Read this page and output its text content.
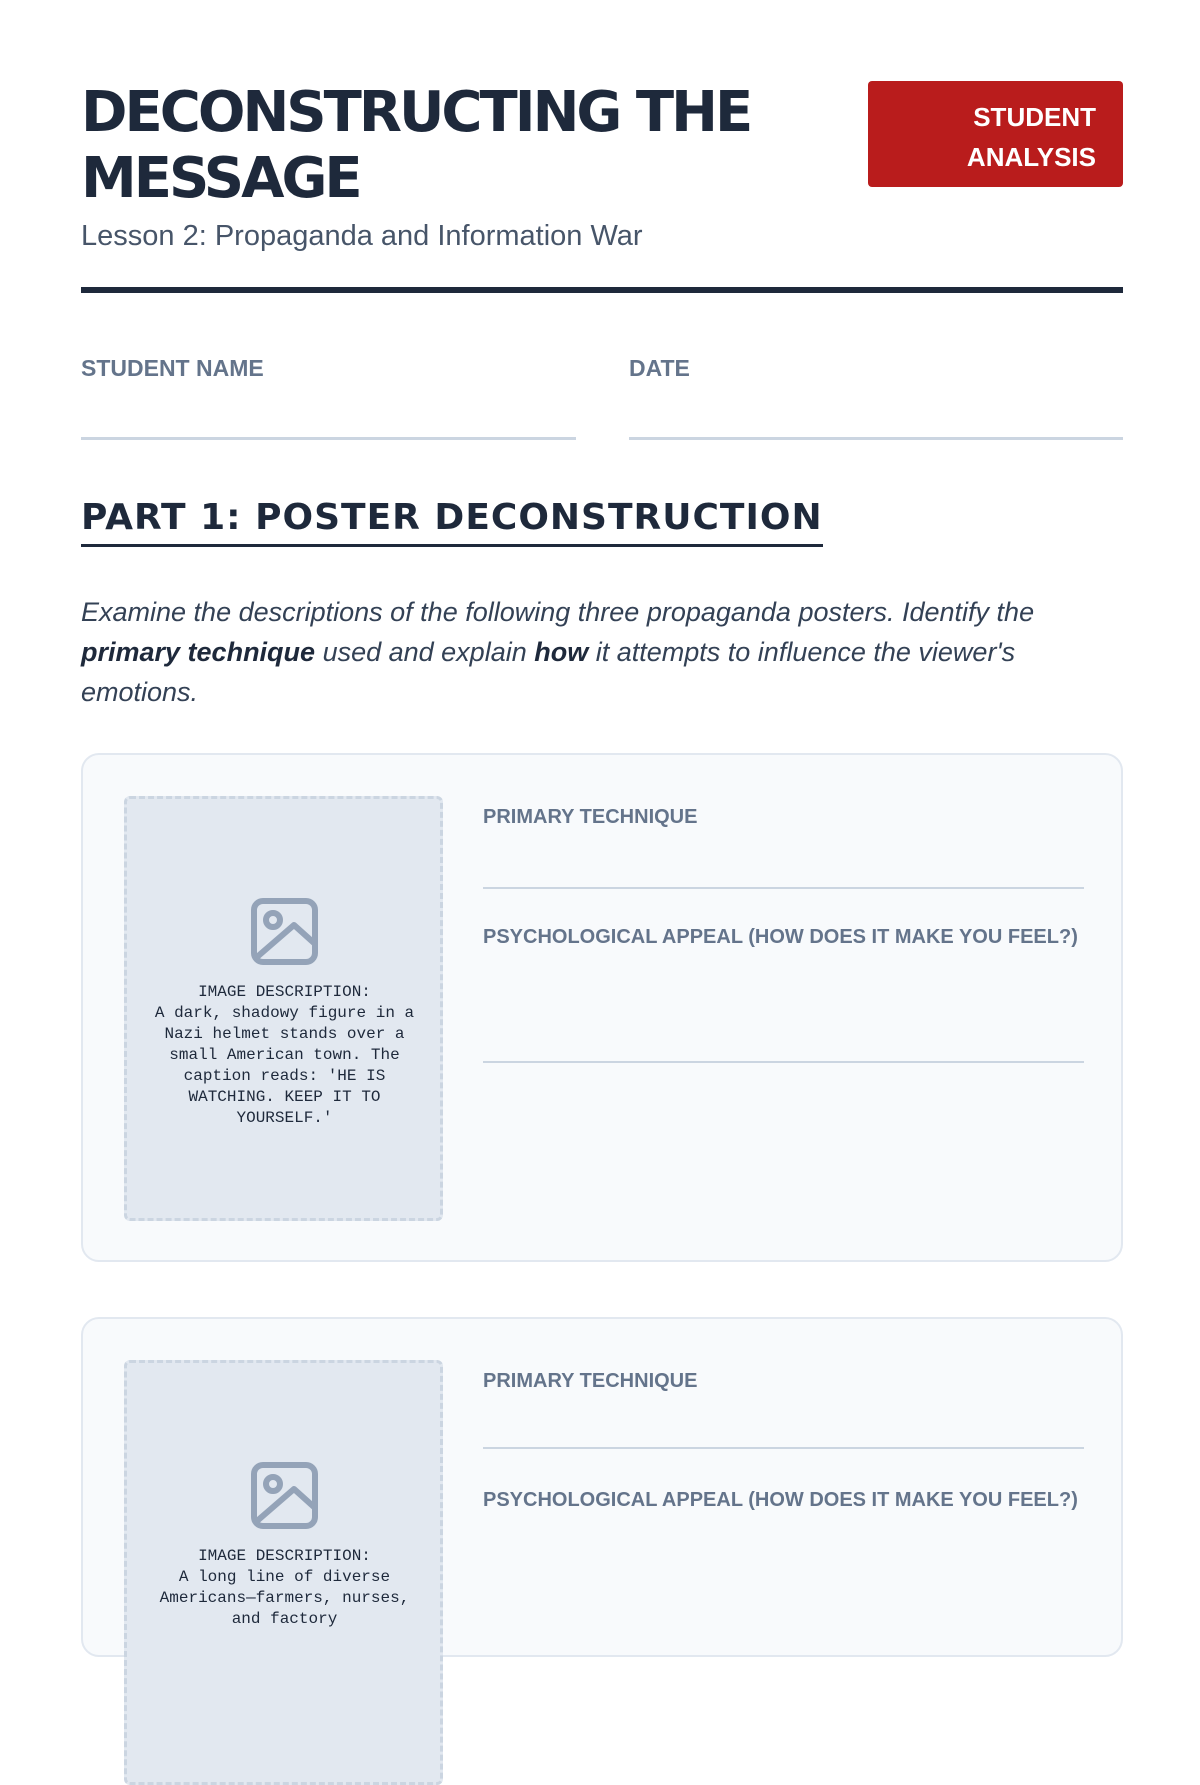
DECONSTRUCTING THE MESSAGE
Lesson 2: Propaganda and Information War
STUDENT
ANALYSIS
STUDENT NAME	DATE
PART 1: POSTER DECONSTRUCTION

Examine the descriptions of the following three propaganda posters. Identify the primary technique used and explain how it attempts to influence the viewer's emotions.

IMAGE DESCRIPTION:
A dark, shadowy figure in a Nazi helmet stands over a small American town. The caption reads: 'HE IS WATCHING. KEEP IT TO YOURSELF.'

PRIMARY TECHNIQUE
PSYCHOLOGICAL APPEAL (HOW DOES IT MAKE YOU FEEL?)

IMAGE DESCRIPTION:
A long line of diverse Americans—farmers, nurses, and factory

PRIMARY TECHNIQUE
PSYCHOLOGICAL APPEAL (HOW DOES IT MAKE YOU FEEL?)
